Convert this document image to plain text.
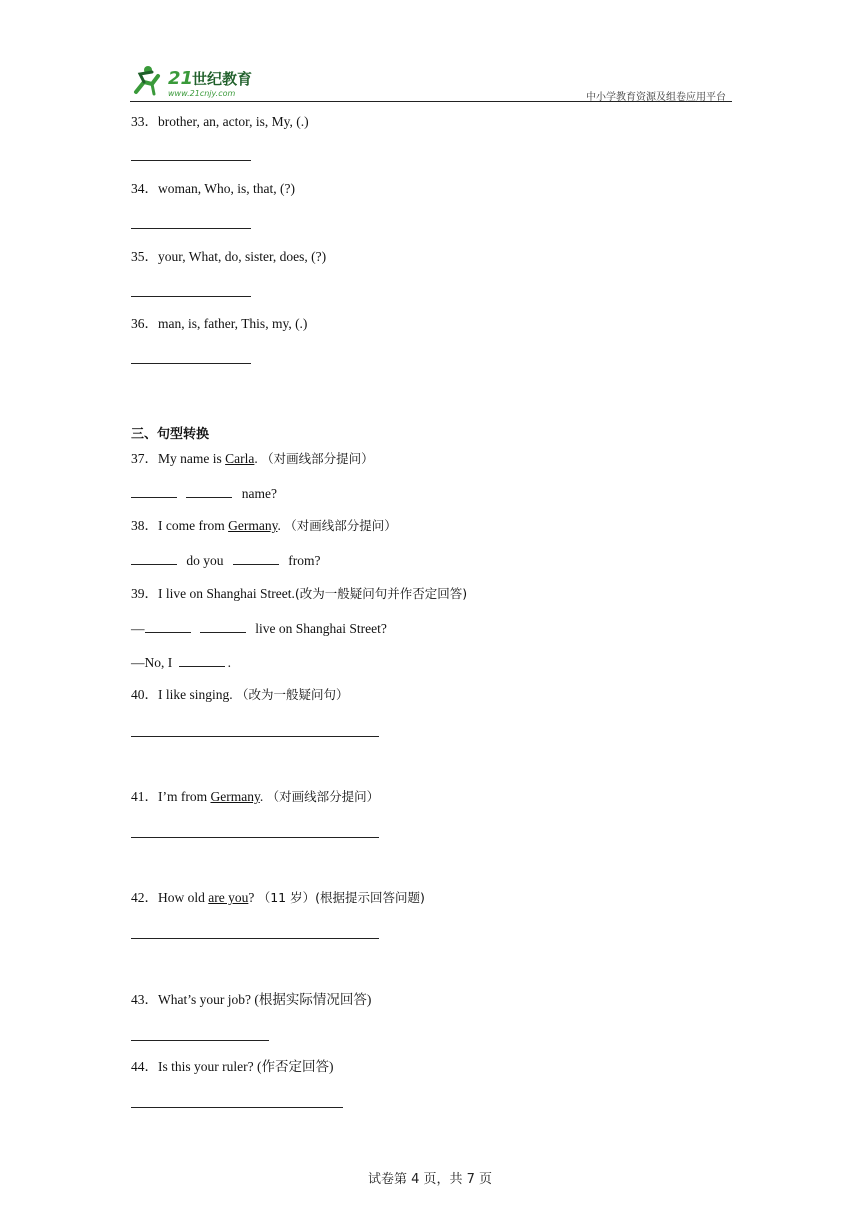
21
世纪教育
www.21cnjy.com	中小学教育资源及组卷应用平台
33．brother, an, actor, is, My, (.)
34．woman, Who, is, that, (?)
35．your, What, do, sister, does, (?)
36．man, is, father, This, my, (.)
三、句型转换
37．My name is Carla. （对画线部分提问）
name?
38．I come from Germany. （对画线部分提问）
do you	from?
39．I live on Shanghai Street.(改为一般疑问句并作否定回答)
—	live on Shanghai Street?
—No, I	.
40．I like singing. （改为一般疑问句）
41．I’m from Germany. （对画线部分提问）
42．How old are you? （11 岁）(根据提示回答问题)
43．What’s your job? (根据实际情况回答)
44．Is this your ruler? (作否定回答)
试卷第 4 页，共 7 页
